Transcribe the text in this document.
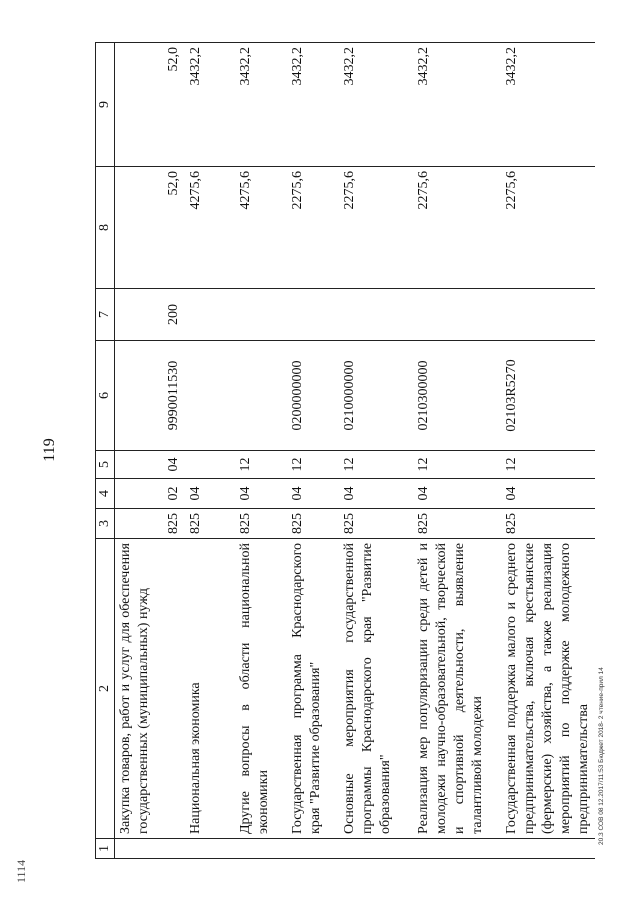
119
20.3 СОВ 08 12.2017/11:53 Бюджет 2018- 2 чтение-прил 14
1114
1	2	3	4	5	6	7	8	9
	Закупка товаров, работ и услуг для обеспечения государственных (муниципальных) нужд	825	02	04	9990011530	200	52,0	52,0
	Национальная экономика	825	04				4275,6	3432,2
	Другие вопросы в области национальной экономики	825	04	12			4275,6	3432,2
	Государственная программа Краснодарского края "Развитие образования"	825	04	12	0200000000		2275,6	3432,2
	Основные мероприятия государственной программы Краснодарского края "Развитие образования"	825	04	12	0210000000		2275,6	3432,2
	Реализация мер популяризации среди детей и молодежи научно-образовательной, творческой и спортивной деятельности, выявление талантливой молодежи	825	04	12	0210300000		2275,6	3432,2
	Государственная поддержка малого и среднего предпринимательства, включая крестьянские (фермерские) хозяйства, а также реализация мероприятий по поддержке молодежного предпринимательства	825	04	12	02103R5270		2275,6	3432,2
